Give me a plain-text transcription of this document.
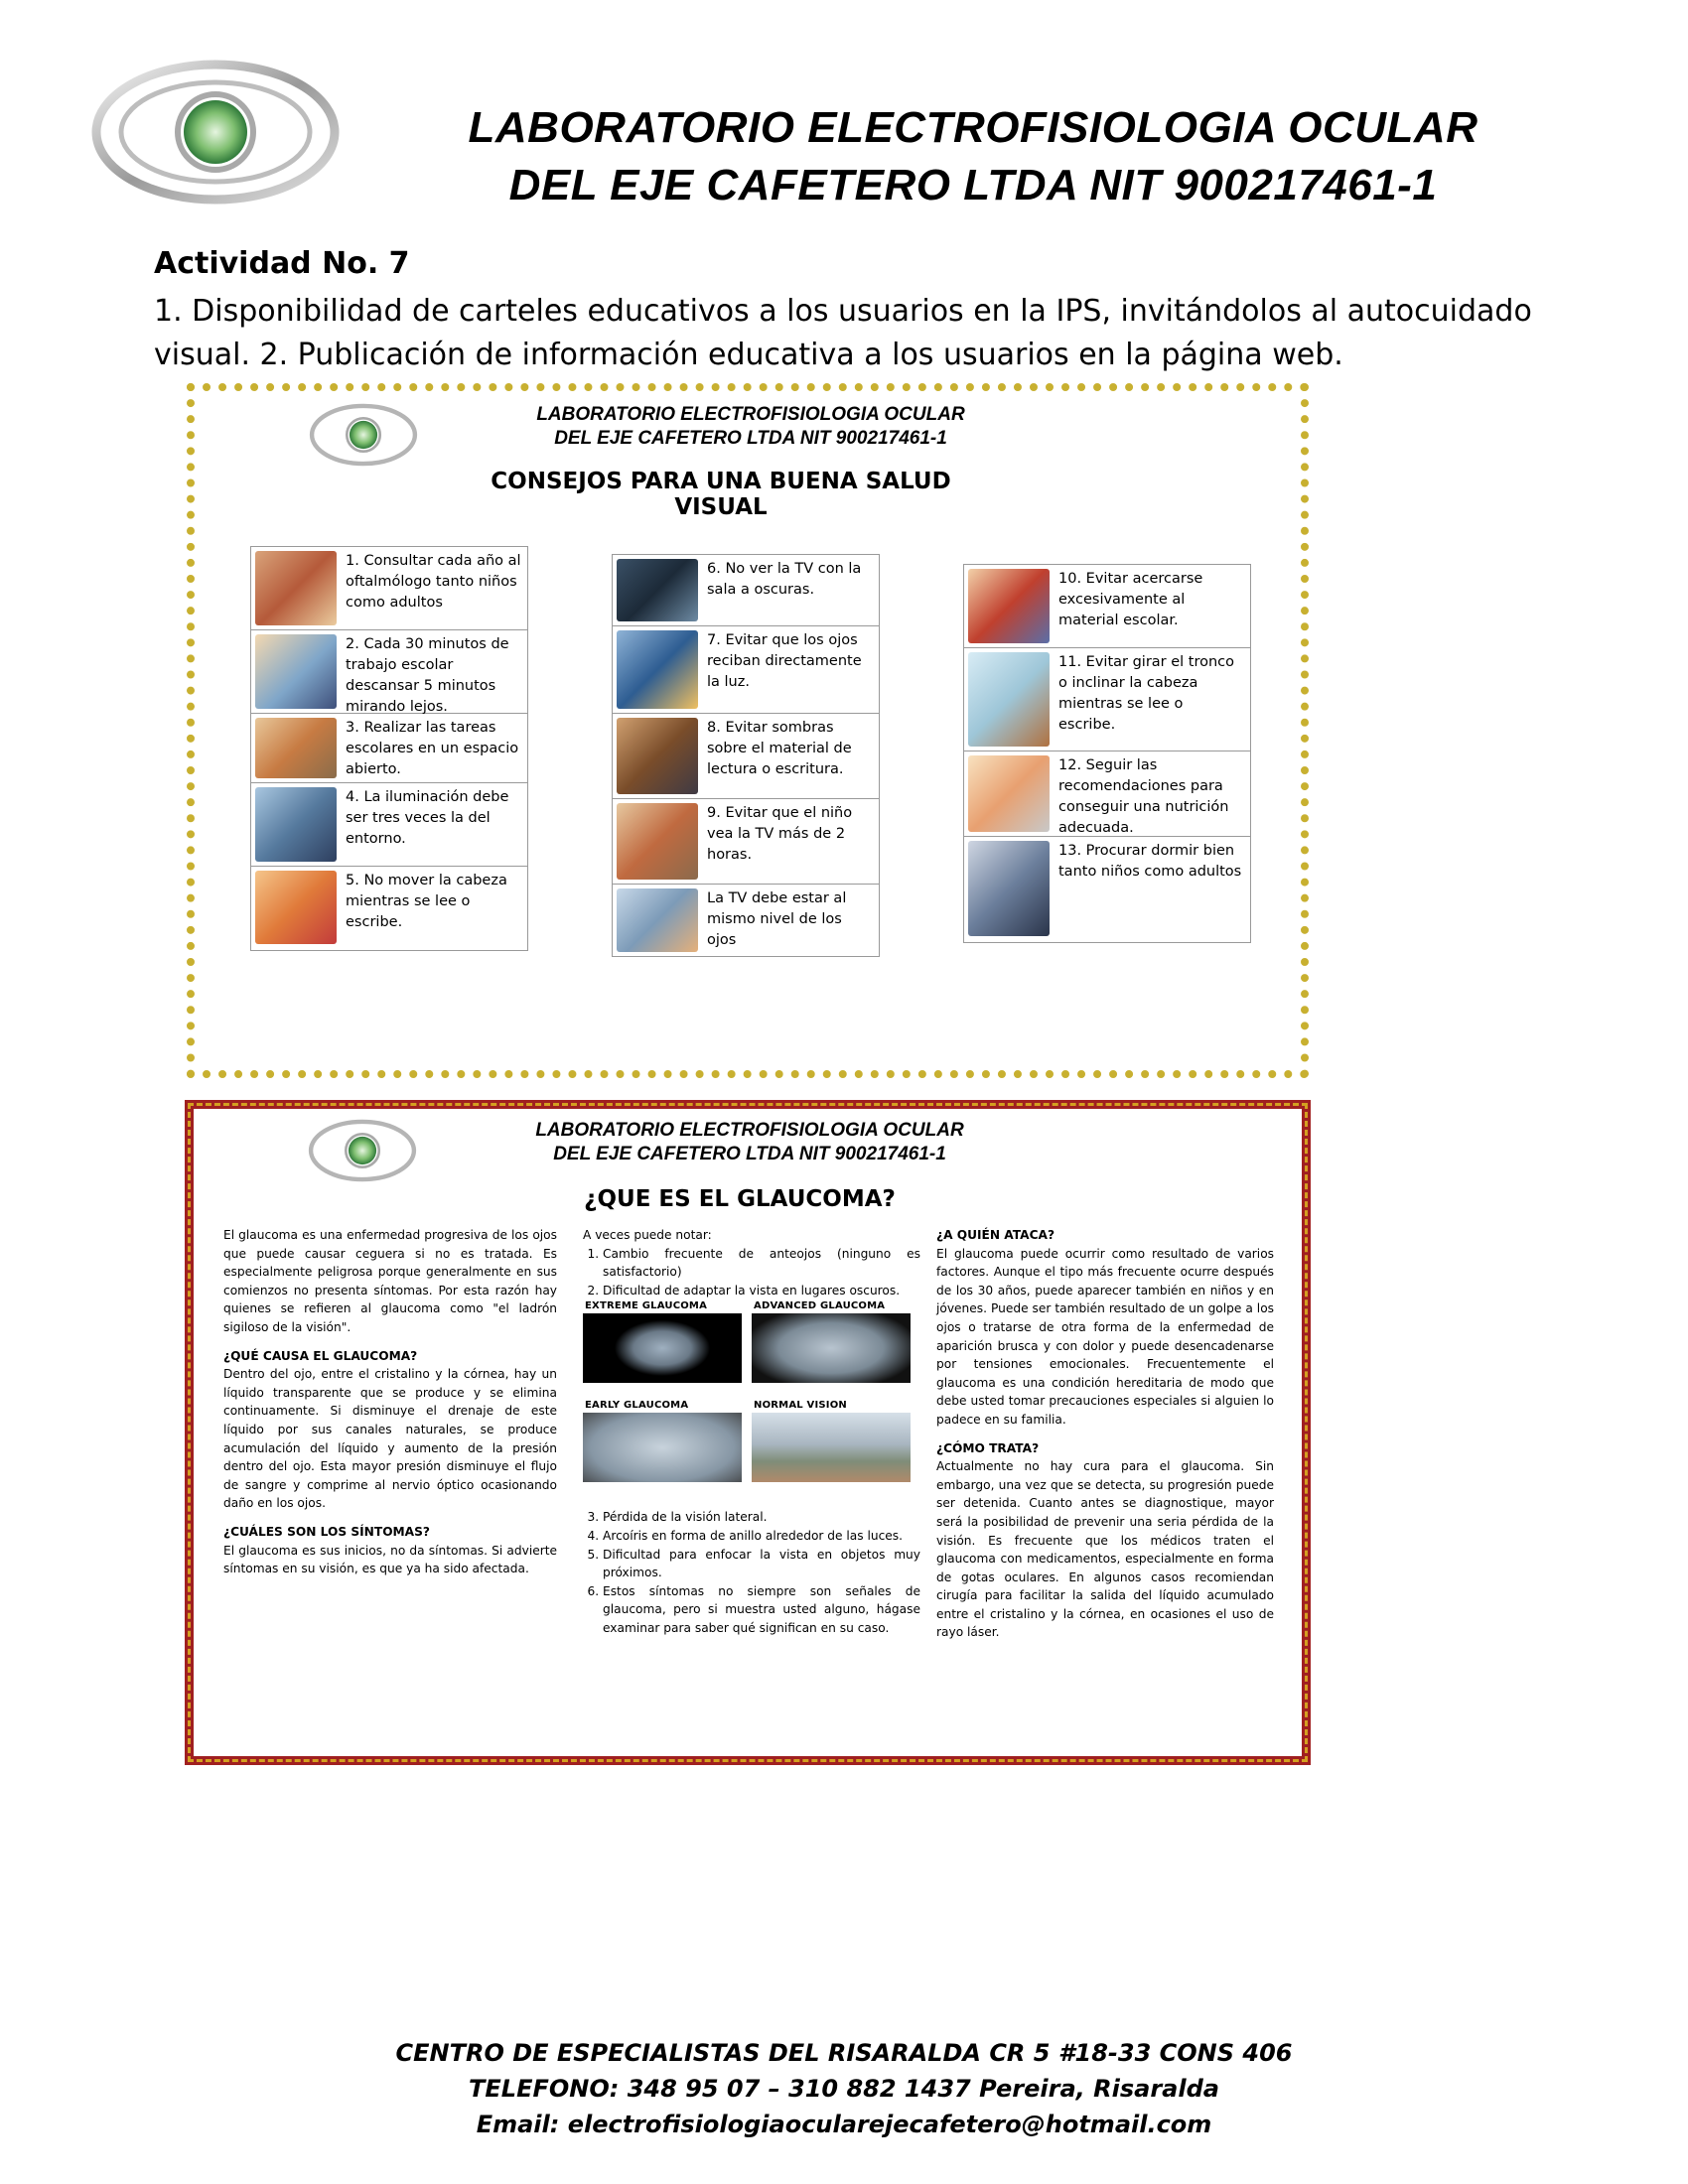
LABORATORIO ELECTROFISIOLOGIA OCULAR
DEL EJE CAFETERO LTDA NIT 900217461-1
Actividad No. 7
1. Disponibilidad de carteles educativos a los usuarios en la IPS, invitándolos al autocuidado visual. 2. Publicación de información educativa a los usuarios en la página web.
LABORATORIO ELECTROFISIOLOGIA OCULAR
DEL EJE CAFETERO LTDA NIT 900217461-1
CONSEJOS PARA UNA BUENA SALUD VISUAL
1. Consultar cada año al oftalmólogo tanto niños como adultos
2. Cada 30 minutos de trabajo escolar descansar 5 minutos mirando lejos.
3. Realizar las tareas escolares en un espacio abierto.
4. La iluminación debe ser tres veces la del entorno.
5. No mover la cabeza mientras se lee o escribe.
6. No ver la TV con la sala a oscuras.
7. Evitar que los ojos reciban directamente la luz.
8. Evitar sombras sobre el material de lectura o escritura.
9. Evitar que el niño vea la TV más de 2 horas.
La TV debe estar al mismo nivel de los ojos
10. Evitar acercarse excesivamente al material escolar.
11. Evitar girar el tronco o inclinar la cabeza mientras se lee o escribe.
12. Seguir las recomendaciones para conseguir una nutrición adecuada.
13. Procurar dormir bien tanto niños como adultos
LABORATORIO ELECTROFISIOLOGIA OCULAR
DEL EJE CAFETERO LTDA NIT 900217461-1
¿QUE ES EL GLAUCOMA?

El glaucoma es una enfermedad progresiva de los ojos que puede causar ceguera si no es tratada. Es especialmente peligrosa porque generalmente en sus comienzos no presenta síntomas. Por esta razón hay quienes se refieren al glaucoma como "el ladrón sigiloso de la visión".

¿QUÉ CAUSA EL GLAUCOMA?

Dentro del ojo, entre el cristalino y la córnea, hay un líquido transparente que se produce y se elimina continuamente. Si disminuye el drenaje de este líquido por sus canales naturales, se produce acumulación del líquido y aumento de la presión dentro del ojo. Esta mayor presión disminuye el flujo de sangre y comprime al nervio óptico ocasionando daño en los ojos.

¿CUÁLES SON LOS SÍNTOMAS?

El glaucoma es sus inicios, no da síntomas. Si advierte síntomas en su visión, es que ya ha sido afectada.

A veces puede notar:

1. Cambio frecuente de anteojos (ninguno es satisfactorio)
2. Dificultad de adaptar la vista en lugares oscuros.
EXTREME GLAUCOMA	ADVANCED GLAUCOMA
EARLY GLAUCOMA	NORMAL VISION
3. Pérdida de la visión lateral.
4. Arcoíris en forma de anillo alrededor de las luces.
5. Dificultad para enfocar la vista en objetos muy próximos.
6. Estos síntomas no siempre son señales de glaucoma, pero si muestra usted alguno, hágase examinar para saber qué significan en su caso.

¿A QUIÉN ATACA?

El glaucoma puede ocurrir como resultado de varios factores. Aunque el tipo más frecuente ocurre después de los 30 años, puede aparecer también en niños y en jóvenes. Puede ser también resultado de un golpe a los ojos o tratarse de otra forma de la enfermedad de aparición brusca y con dolor y puede desencadenarse por tensiones emocionales. Frecuentemente el glaucoma es una condición hereditaria de modo que debe usted tomar precauciones especiales si alguien lo padece en su familia.

¿CÓMO TRATA?

Actualmente no hay cura para el glaucoma. Sin embargo, una vez que se detecta, su progresión puede ser detenida. Cuanto antes se diagnostique, mayor será la posibilidad de prevenir una seria pérdida de la visión. Es frecuente que los médicos traten el glaucoma con medicamentos, especialmente en forma de gotas oculares. En algunos casos recomiendan cirugía para facilitar la salida del líquido acumulado entre el cristalino y la córnea, en ocasiones el uso de rayo láser.

CENTRO DE ESPECIALISTAS DEL RISARALDA CR 5 #18-33 CONS 406
TELEFONO: 348 95 07 – 310 882 1437 Pereira, Risaralda
Email: electrofisiologiaocularejecafetero@hotmail.com
